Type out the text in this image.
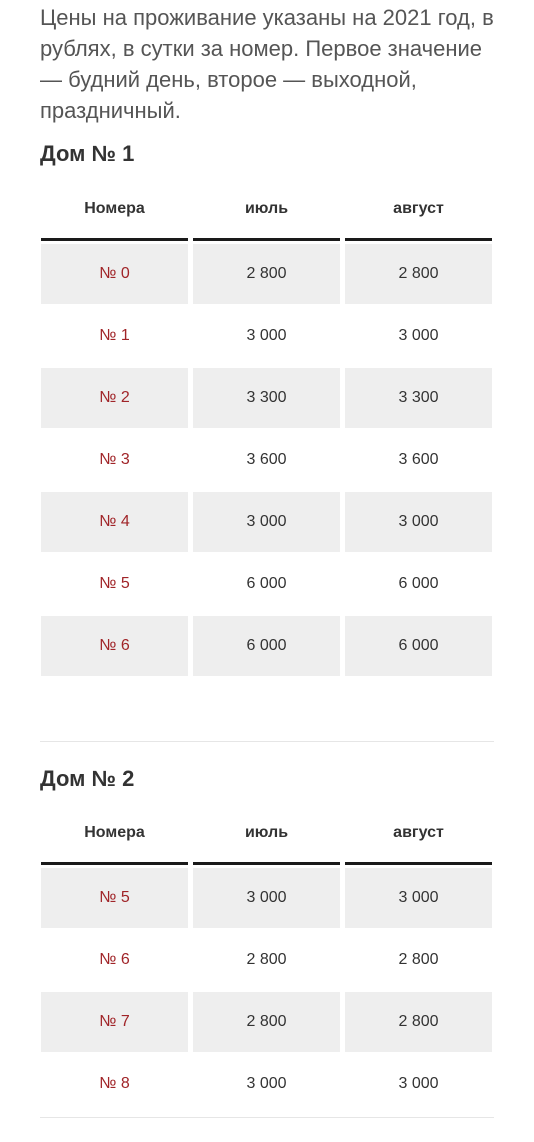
Цены на проживание указаны на 2021 год, в рублях, в сутки за номер. Первое значение — будний день, второе — выходной, праздничный.

Дом № 1
Номера	июль	август
№ 0	2 800	2 800
№ 1	3 000	3 000
№ 2	3 300	3 300
№ 3	3 600	3 600
№ 4	3 000	3 000
№ 5	6 000	6 000
№ 6	6 000	6 000
Дом № 2
Номера	июль	август
№ 5	3 000	3 000
№ 6	2 800	2 800
№ 7	2 800	2 800
№ 8	3 000	3 000
